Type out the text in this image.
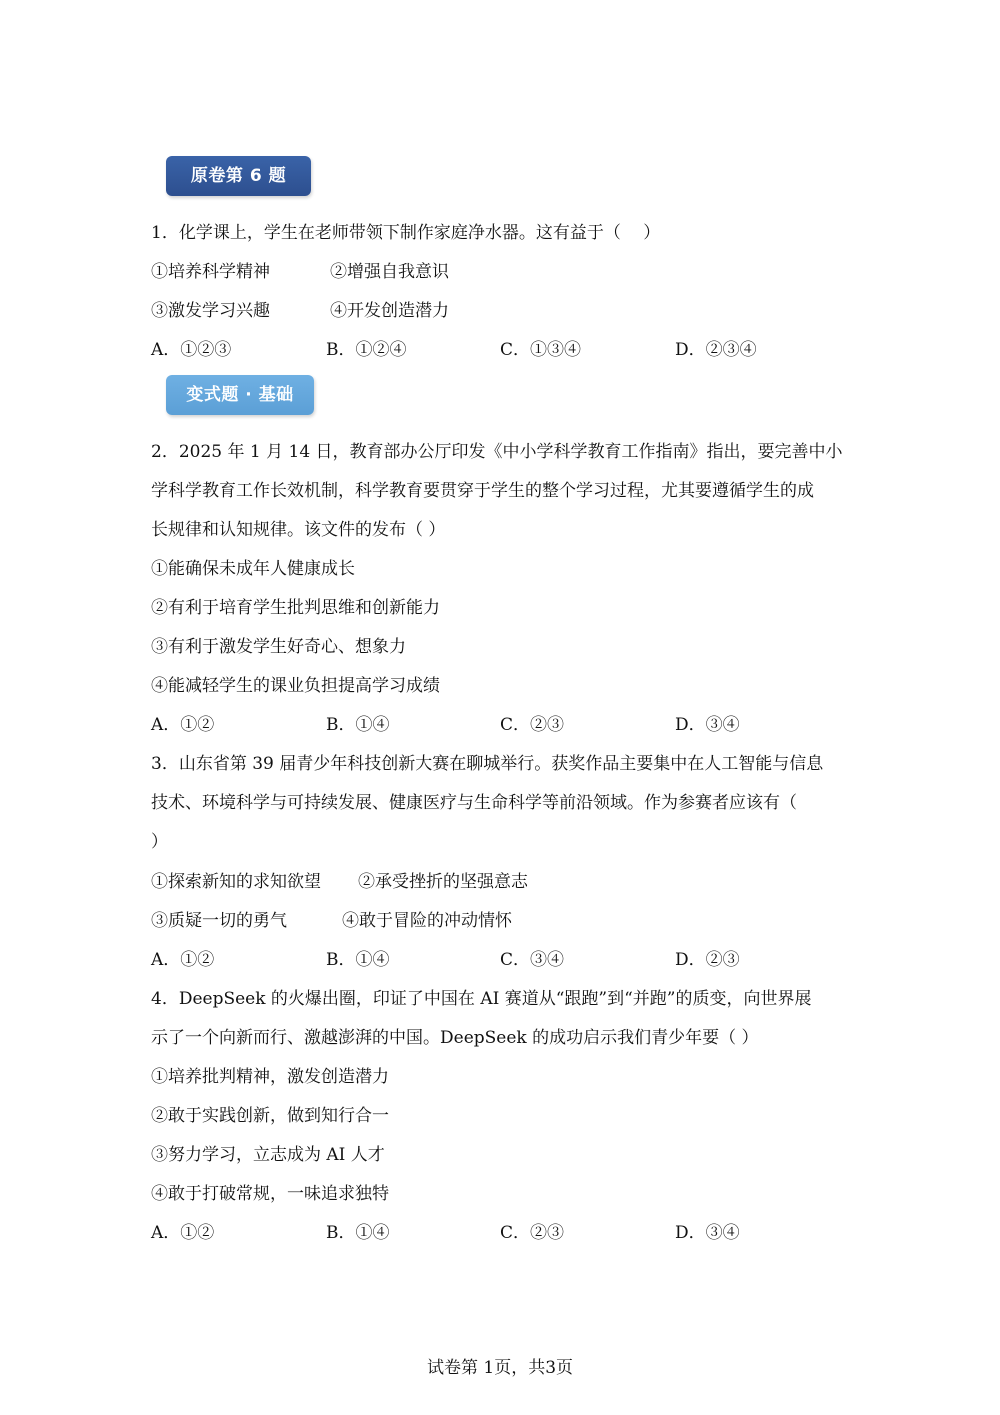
原卷第 6 题
1．化学课上，学生在老师带领下制作家庭净水器。这有益于（　 ）
①培养科学精神	②增强自我意识
③激发学习兴趣	④开发创造潜力
A．①②③	B．①②④	C．①③④	D．②③④
变式题 · 基础
2．2025 年 1 月 14 日，教育部办公厅印发《中小学科学教育工作指南》指出，要完善中小
学科学教育工作长效机制，科学教育要贯穿于学生的整个学习过程，尤其要遵循学生的成
长规律和认知规律。该文件的发布（ ）
①能确保未成年人健康成长
②有利于培育学生批判思维和创新能力
③有利于激发学生好奇心、想象力
④能减轻学生的课业负担提高学习成绩
A．①②	B．①④	C．②③	D．③④
3．山东省第 39 届青少年科技创新大赛在聊城举行。获奖作品主要集中在人工智能与信息
技术、环境科学与可持续发展、健康医疗与生命科学等前沿领域。作为参赛者应该有（
）
①探索新知的求知欲望 ②承受挫折的坚强意志
③质疑一切的勇气	④敢于冒险的冲动情怀
A．①②	B．①④	C．③④	D．②③
4．DeepSeek 的火爆出圈，印证了中国在 AI 赛道从“跟跑”到“并跑”的质变，向世界展
示了一个向新而行、激越澎湃的中国。DeepSeek 的成功启示我们青少年要（ ）
①培养批判精神，激发创造潜力
②敢于实践创新，做到知行合一
③努力学习，立志成为 AI 人才
④敢于打破常规，一味追求独特
A．①②	B．①④	C．②③	D．③④
试卷第 1页，共3页
